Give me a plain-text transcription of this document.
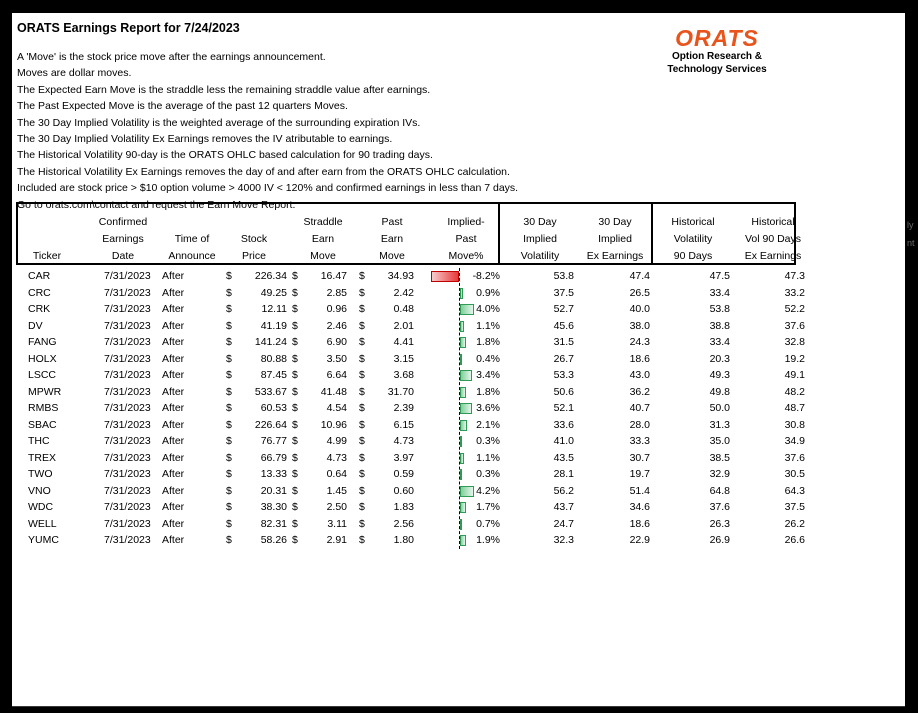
ly
nt
ORATS Earnings Report for 7/24/2023
A 'Move' is the stock price move after the earnings announcement.
Moves are dollar moves.
The Expected Earn Move is the straddle less the remaining straddle value after earnings.
The Past Expected Move is the average of the past 12 quarters Moves.
The 30 Day Implied Volatility is the weighted average of the surrounding expiration IVs.
The 30 Day Implied Volatility Ex Earnings removes the IV atributable to earnings.
The Historical Volatility 90-day is the ORATS OHLC based calculation for 90 trading days.
The Historical Volatility Ex Earnings removes the day of and after earn from the ORATS OHLC calculation.
Included are stock price > $10 option volume > 4000 IV < 120% and confirmed earnings in less than 7 days.
Go to orats.com\contact and request the Earn Move Report.
ORATS
Option Research &
Technology Services
Ticker
Confirmed
Earnings
Date
Time of
Announce
Stock
Price
Straddle
Earn
Move
Past
Earn
Move
Implied-
Past
Move%
30 Day
Implied
Volatility
30 Day
Implied
Ex Earnings
Historical
Volatility
90 Days
Historical
Vol 90 Days
Ex Earnings
CAR	7/31/2023 After	$	226.34 $	16.47 $	34.93	-8.2%	53.8	47.4	47.5	47.3
CRC	7/31/2023 After	$	49.25 $	2.85 $	2.42	0.9%	37.5	26.5	33.4	33.2
CRK	7/31/2023 After	$	12.11 $	0.96 $	0.48	4.0%	52.7	40.0	53.8	52.2
DV	7/31/2023 After	$	41.19 $	2.46 $	2.01	1.1%	45.6	38.0	38.8	37.6
FANG	7/31/2023 After	$	141.24 $	6.90 $	4.41	1.8%	31.5	24.3	33.4	32.8
HOLX	7/31/2023 After	$	80.88 $	3.50 $	3.15	0.4%	26.7	18.6	20.3	19.2
LSCC	7/31/2023 After	$	87.45 $	6.64 $	3.68	3.4%	53.3	43.0	49.3	49.1
MPWR	7/31/2023 After	$	533.67 $	41.48 $	31.70	1.8%	50.6	36.2	49.8	48.2
RMBS	7/31/2023 After	$	60.53 $	4.54 $	2.39	3.6%	52.1	40.7	50.0	48.7
SBAC	7/31/2023 After	$	226.64 $	10.96 $	6.15	2.1%	33.6	28.0	31.3	30.8
THC	7/31/2023 After	$	76.77 $	4.99 $	4.73	0.3%	41.0	33.3	35.0	34.9
TREX	7/31/2023 After	$	66.79 $	4.73 $	3.97	1.1%	43.5	30.7	38.5	37.6
TWO	7/31/2023 After	$	13.33 $	0.64 $	0.59	0.3%	28.1	19.7	32.9	30.5
VNO	7/31/2023 After	$	20.31 $	1.45 $	0.60	4.2%	56.2	51.4	64.8	64.3
WDC	7/31/2023 After	$	38.30 $	2.50 $	1.83	1.7%	43.7	34.6	37.6	37.5
WELL	7/31/2023 After	$	82.31 $	3.11 $	2.56	0.7%	24.7	18.6	26.3	26.2
YUMC	7/31/2023 After	$	58.26 $	2.91 $	1.80	1.9%	32.3	22.9	26.9	26.6
